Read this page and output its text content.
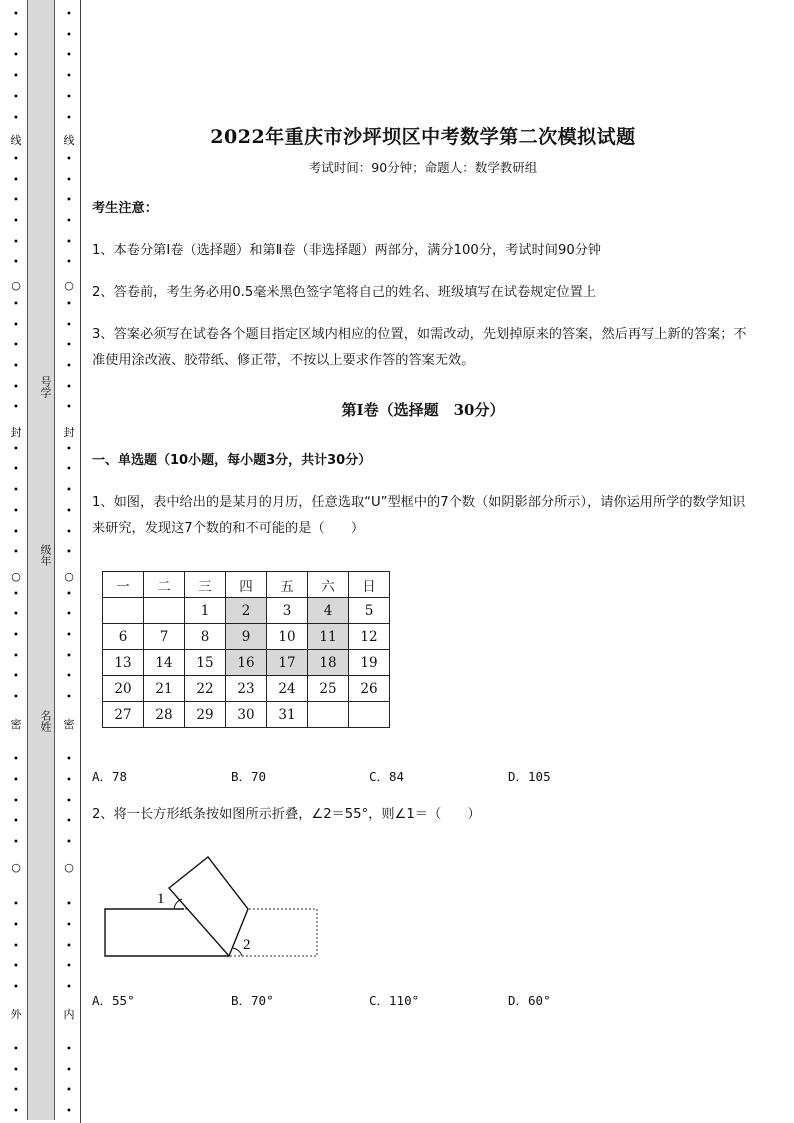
•
•
•
•
•
•
•
•
•
•
•
•
•
•
•
•
•
•
•
•
•
•
•
•
•
•
•
•
•
•
•
•
•
•
•
•
•
•
•
•
•
•
•
•
线
○
封
○
密
○
外
号学
级年
名姓
•
•
•
•
•
•
•
•
•
•
•
•
•
•
•
•
•
•
•
•
•
•
•
•
•
•
•
•
•
•
•
•
•
•
•
•
•
•
•
•
•
•
•
•
线
○
封
○
密
○
内
2022年重庆市沙坪坝区中考数学第二次模拟试题
考试时间：90分钟；命题人：数学教研组
考生注意：
1、本卷分第I卷（选择题）和第Ⅱ卷（非选择题）两部分，满分100分，考试时间90分钟
2、答卷前，考生务必用0.5毫米黑色签字笔将自己的姓名、班级填写在试卷规定位置上
3、答案必须写在试卷各个题目指定区域内相应的位置，如需改动，先划掉原来的答案，然后再写上新的答案；不准使用涂改液、胶带纸、修正带，不按以上要求作答的答案无效。
第I卷（选择题　30分）
一、单选题（10小题，每小题3分，共计30分）
1、如图，表中给出的是某月的月历，任意选取“U”型框中的7个数（如阴影部分所示），请你运用所学的数学知识来研究，发现这7个数的和不可能的是（　　）
一	二	三	四	五	六	日
		1	2	3	4	5
6	7	8	9	10	11	12
13	14	15	16	17	18	19
20	21	22	23	24	25	26
27	28	29	30	31		
A．78	B．70	C．84	D．105
2、将一长方形纸条按如图所示折叠，∠2＝55°，则∠1＝（　　）
1
2
A．55°	B．70°	C．110°	D．60°
